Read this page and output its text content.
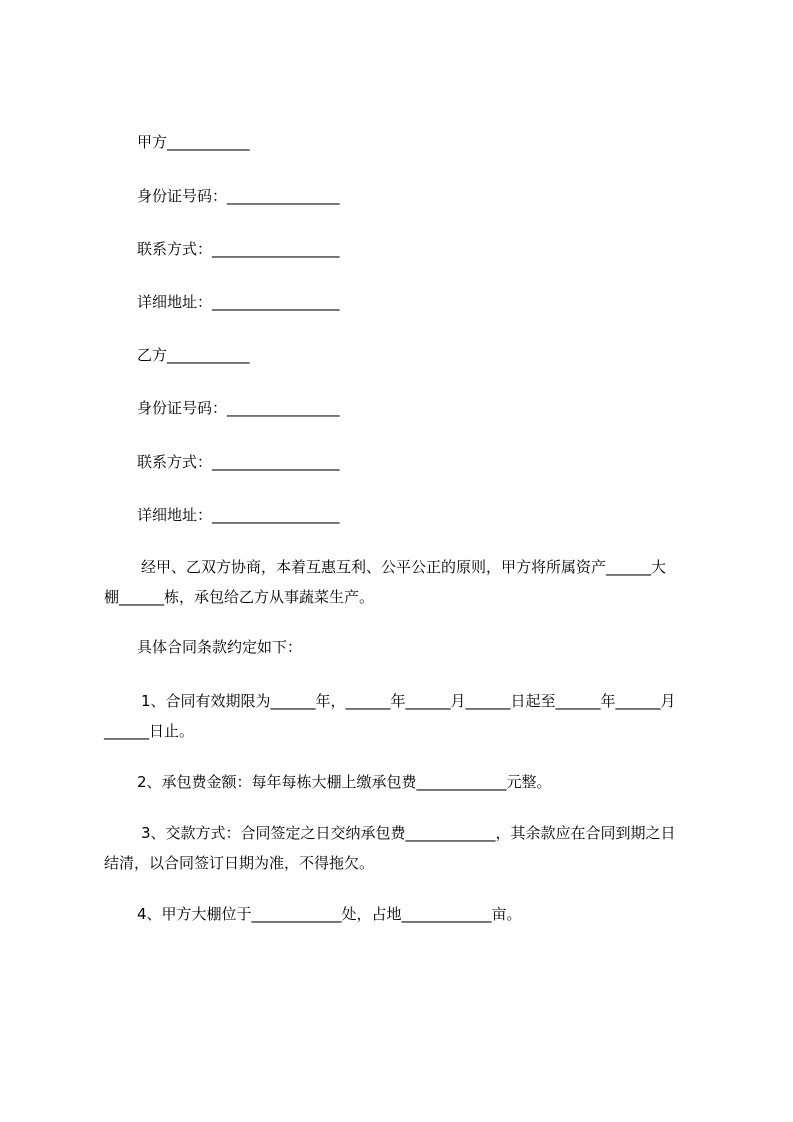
甲方___________
身份证号码：_______________
联系方式：_________________
详细地址：_________________
乙方___________
身份证号码：_______________
联系方式：_________________
详细地址：_________________
经甲、乙双方协商，本着互惠互利、公平公正的原则，甲方将所属资产______大棚______栋，承包给乙方从事蔬菜生产。
具体合同条款约定如下：
1、合同有效期限为______年，______年______月______日起至______年______月______日止。
2、承包费金额：每年每栋大棚上缴承包费____________元整。
3、交款方式：合同签定之日交纳承包费____________，其余款应在合同到期之日结清，以合同签订日期为准，不得拖欠。
4、甲方大棚位于____________处，占地____________亩。
